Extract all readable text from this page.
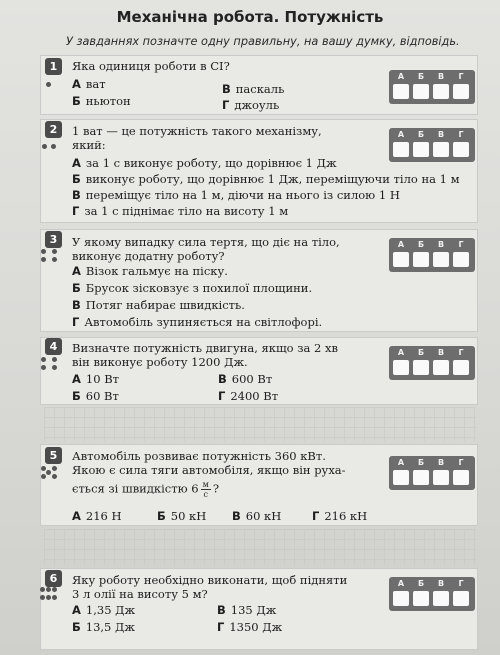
Механічна робота. Потужність
У завданнях позначте одну правильну, на вашу думку, відповідь.
1	Яка одиниця роботи в СІ?
А ват
Б ньютон
В паскаль
Г джоуль
А	Б	В	Г
2	1 ват — це потужність такого механізму,
який:
А за 1 с виконує роботу, що дорівнює 1 Дж
Б виконує роботу, що дорівнює 1 Дж, переміщуючи тіло на 1 м
В переміщує тіло на 1 м, діючи на нього із силою 1 Н
Г за 1 с піднімає тіло на висоту 1 м
А	Б	В	Г
3	У якому випадку сила тертя, що діє на тіло,
виконує додатну роботу?
А Візок гальмує на піску.
Б Брусок зісковзує з похилої площини.
В Потяг набирає швидкість.
Г Автомобіль зупиняється на світлофорі.
А	Б	В	Г
4	Визначте потужність двигуна, якщо за 2 хв
він виконує роботу 1200 Дж.
А 10 Вт
Б 60 Вт
В 600 Вт
Г 2400 Вт
А	Б	В	Г
5	Автомобіль розвиває потужність 360 кВт.
Якою є сила тяги автомобіля, якщо він руха-
ється зі швидкістю $6 \frac{м}{с}$ ?
А 216 Н	Б 50 кН В 60 кН	Г 216 кН
А	Б	В	Г
6	Яку роботу необхідно виконати, щоб підняти
3 л олії на висоту 5 м?
А 1,35 Дж
Б 13,5 Дж
В 135 Дж
Г 1350 Дж
А	Б	В	Г
